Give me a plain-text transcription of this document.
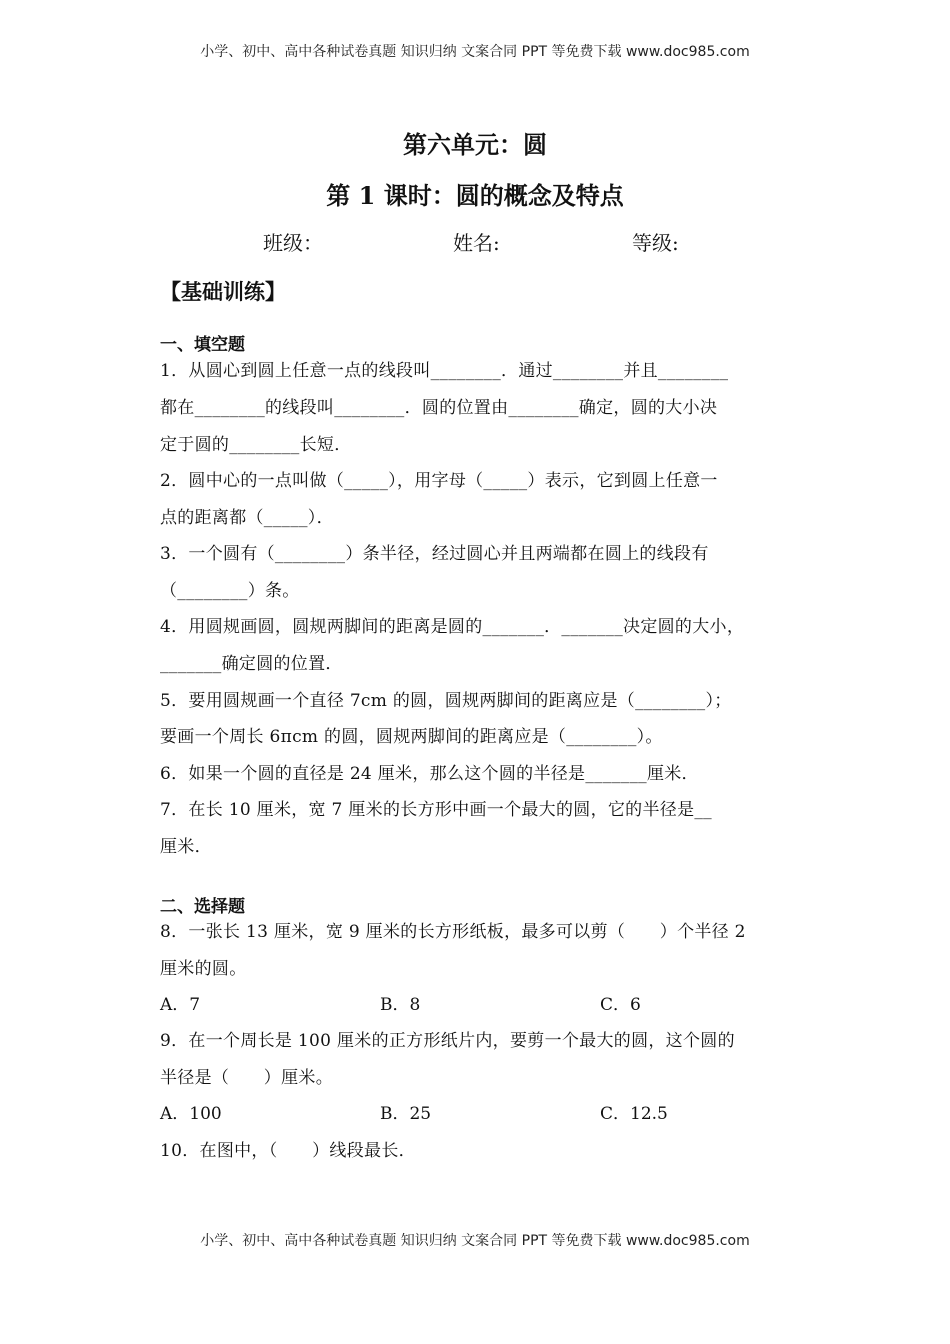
小学、初中、高中各种试卷真题 知识归纳 文案合同 PPT 等免费下载 www.doc985.com
第六单元：圆
第 1 课时：圆的概念及特点
班级：	姓名:	等级:
【基础训练】
一、填空题
1．从圆心到圆上任意一点的线段叫________．通过________并且________
都在________的线段叫________．圆的位置由________确定，圆的大小决
定于圆的________长短．
2．圆中心的一点叫做（_____），用字母（_____）表示，它到圆上任意一
点的距离都（_____）．
3．一个圆有（________）条半径，经过圆心并且两端都在圆上的线段有
（________）条。
4．用圆规画圆，圆规两脚间的距离是圆的_______．_______决定圆的大小，
_______确定圆的位置．
5．要用圆规画一个直径 7cm 的圆，圆规两脚间的距离应是（________）；
要画一个周长 6πcm 的圆，圆规两脚间的距离应是（________）。
6．如果一个圆的直径是 24 厘米，那么这个圆的半径是_______厘米．
7．在长 10 厘米，宽 7 厘米的长方形中画一个最大的圆，它的半径是__
厘米．
二、选择题
8．一张长 13 厘米，宽 9 厘米的长方形纸板，最多可以剪（　　）个半径 2
厘米的圆。
A．7	B．8	C．6
9．在一个周长是 100 厘米的正方形纸片内，要剪一个最大的圆，这个圆的
半径是（　　）厘米。
A．100	B．25	C．12.5
10．在图中，（　　）线段最长．
小学、初中、高中各种试卷真题 知识归纳 文案合同 PPT 等免费下载 www.doc985.com
